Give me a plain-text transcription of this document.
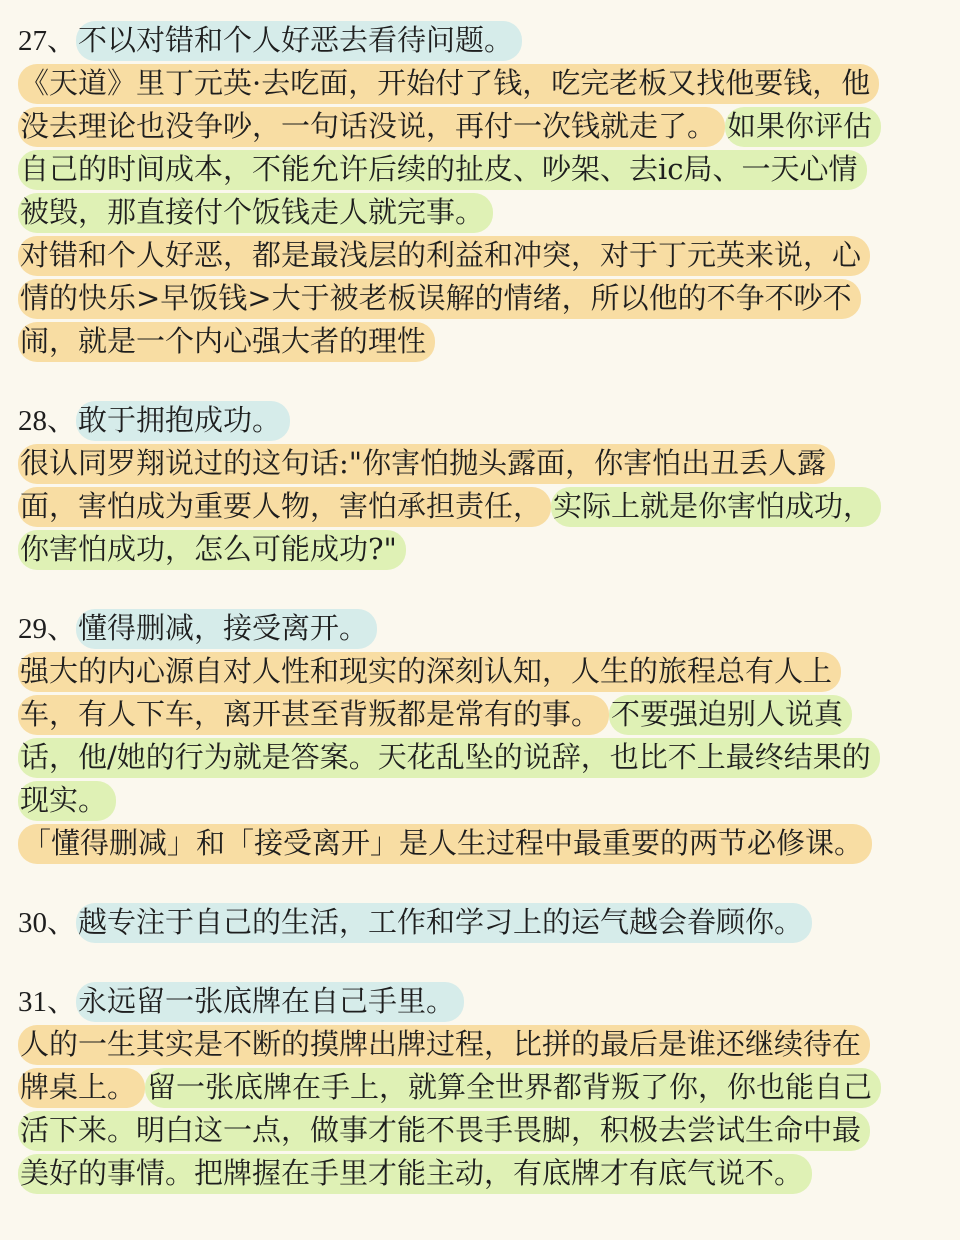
27、不以对错和个人好恶去看待问题。
《天道》里丁元英·去吃面，开始付了钱，吃完老板又找他要钱，他
没去理论也没争吵，一句话没说，再付一次钱就走了。 如果你评估
自己的时间成本，不能允许后续的扯皮、吵架、去ic局、一天心情
被毁，那直接付个饭钱走人就完事。
对错和个人好恶，都是最浅层的利益和冲突，对于丁元英来说，心
情的快乐>早饭钱>大于被老板误解的情绪，所以他的不争不吵不
闹，就是一个内心强大者的理性
28、敢于拥抱成功。
很认同罗翔说过的这句话:"你害怕抛头露面，你害怕出丑丢人露
面，害怕成为重要人物，害怕承担责任， 实际上就是你害怕成功，
你害怕成功，怎么可能成功?"
29、懂得删减，接受离开。
强大的内心源自对人性和现实的深刻认知，人生的旅程总有人上
车，有人下车，离开甚至背叛都是常有的事。 不要强迫别人说真
话，他/她的行为就是答案。天花乱坠的说辞，也比不上最终结果的
现实。
「懂得删减」和「接受离开」是人生过程中最重要的两节必修课。
30、越专注于自己的生活，工作和学习上的运气越会眷顾你。
31、永远留一张底牌在自己手里。
人的一生其实是不断的摸牌出牌过程，比拼的最后是谁还继续待在
牌桌上。 留一张底牌在手上，就算全世界都背叛了你，你也能自己
活下来。明白这一点，做事才能不畏手畏脚，积极去尝试生命中最
美好的事情。把牌握在手里才能主动，有底牌才有底气说不。
